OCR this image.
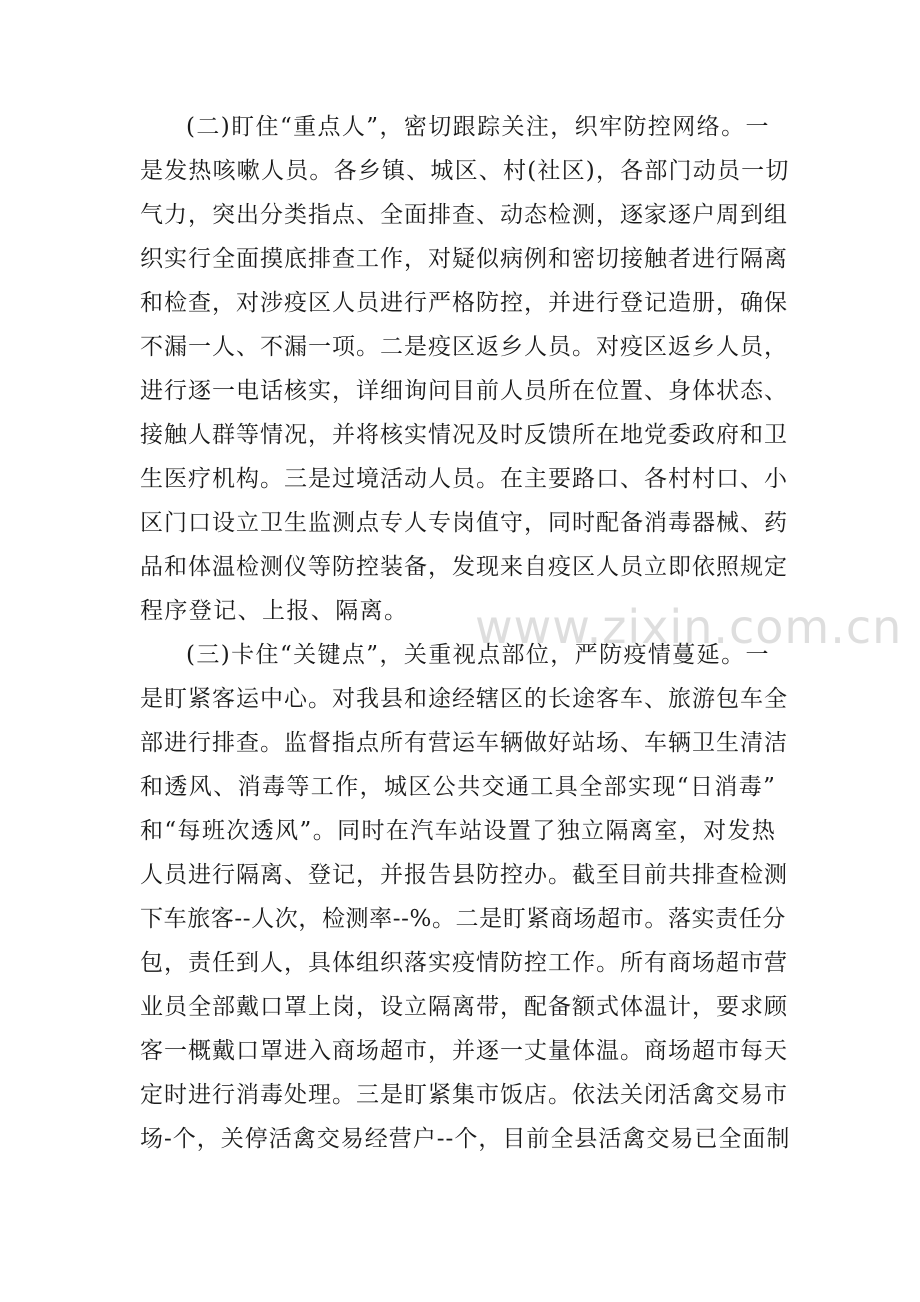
(二)盯住“重点人”，密切跟踪关注，织牢防控网络。一
是发热咳嗽人员。各乡镇、城区、村(社区)，各部门动员一切
气力，突出分类指点、全面排查、动态检测，逐家逐户周到组
织实行全面摸底排查工作，对疑似病例和密切接触者进行隔离
和检查，对涉疫区人员进行严格防控，并进行登记造册，确保
不漏一人、不漏一项。二是疫区返乡人员。对疫区返乡人员，
进行逐一电话核实，详细询问目前人员所在位置、身体状态、
接触人群等情况，并将核实情况及时反馈所在地党委政府和卫
生医疗机构。三是过境活动人员。在主要路口、各村村口、小
区门口设立卫生监测点专人专岗值守，同时配备消毒器械、药
品和体温检测仪等防控装备，发现来自疫区人员立即依照规定
程序登记、上报、隔离。
(三)卡住“关键点”，关重视点部位，严防疫情蔓延。一
是盯紧客运中心。对我县和途经辖区的长途客车、旅游包车全
部进行排查。监督指点所有营运车辆做好站场、车辆卫生清洁
和透风、消毒等工作，城区公共交通工具全部实现“日消毒”
和“每班次透风”。同时在汽车站设置了独立隔离室，对发热
人员进行隔离、登记，并报告县防控办。截至目前共排查检测
下车旅客--人次，检测率--%。二是盯紧商场超市。落实责任分
包，责任到人，具体组织落实疫情防控工作。所有商场超市营
业员全部戴口罩上岗，设立隔离带，配备额式体温计，要求顾
客一概戴口罩进入商场超市，并逐一丈量体温。商场超市每天
定时进行消毒处理。三是盯紧集市饭店。依法关闭活禽交易市
场-个，关停活禽交易经营户--个，目前全县活禽交易已全面制
www.zixin.com.cn
